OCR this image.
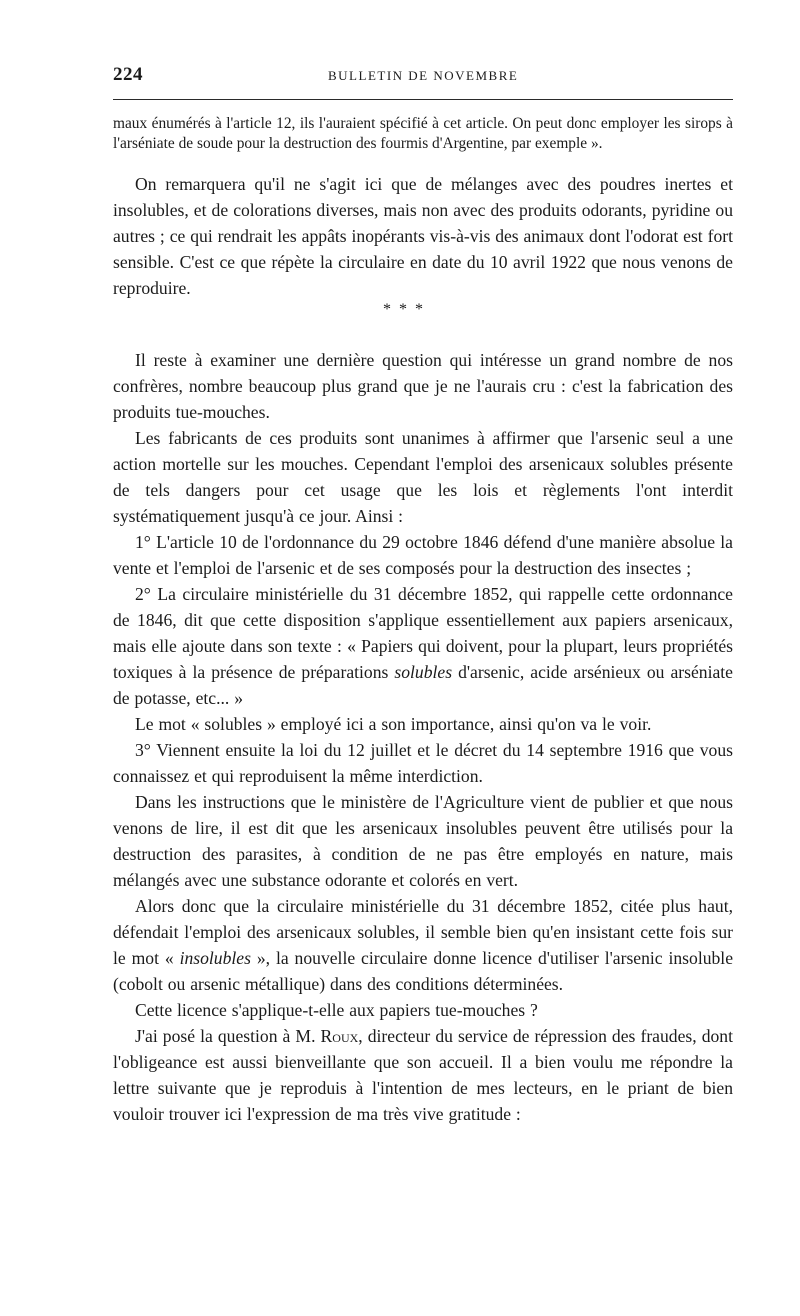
224	BULLETIN DE NOVEMBRE

maux énumérés à l'article 12, ils l'auraient spécifié à cet article. On peut donc employer les sirops à l'arséniate de soude pour la destruction des fourmis d'Argentine, par exemple ».

On remarquera qu'il ne s'agit ici que de mélanges avec des poudres inertes et insolubles, et de colorations diverses, mais non avec des produits odorants, pyridine ou autres ; ce qui rendrait les appâts inopérants vis-à-vis des animaux dont l'odorat est fort sensible. C'est ce que répète la circulaire en date du 10 avril 1922 que nous venons de reproduire.

* * *

Il reste à examiner une dernière question qui intéresse un grand nombre de nos confrères, nombre beaucoup plus grand que je ne l'aurais cru : c'est la fabrication des produits tue-mouches.

Les fabricants de ces produits sont unanimes à affirmer que l'arsenic seul a une action mortelle sur les mouches. Cependant l'emploi des arsenicaux solubles présente de tels dangers pour cet usage que les lois et règlements l'ont interdit systématiquement jusqu'à ce jour. Ainsi :

1° L'article 10 de l'ordonnance du 29 octobre 1846 défend d'une manière absolue la vente et l'emploi de l'arsenic et de ses composés pour la destruction des insectes ;

2° La circulaire ministérielle du 31 décembre 1852, qui rappelle cette ordonnance de 1846, dit que cette disposition s'applique essentiellement aux papiers arsenicaux, mais elle ajoute dans son texte : « Papiers qui doivent, pour la plupart, leurs propriétés toxiques à la présence de préparations solubles d'arsenic, acide arsénieux ou arséniate de potasse, etc... »

Le mot « solubles » employé ici a son importance, ainsi qu'on va le voir.

3° Viennent ensuite la loi du 12 juillet et le décret du 14 septembre 1916 que vous connaissez et qui reproduisent la même interdiction.

Dans les instructions que le ministère de l'Agriculture vient de publier et que nous venons de lire, il est dit que les arsenicaux insolubles peuvent être utilisés pour la destruction des parasites, à condition de ne pas être employés en nature, mais mélangés avec une substance odorante et colorés en vert.

Alors donc que la circulaire ministérielle du 31 décembre 1852, citée plus haut, défendait l'emploi des arsenicaux solubles, il semble bien qu'en insistant cette fois sur le mot « insolubles », la nouvelle circulaire donne licence d'utiliser l'arsenic insoluble (cobolt ou arsenic métallique) dans des conditions déterminées.

Cette licence s'applique-t-elle aux papiers tue-mouches ?

J'ai posé la question à M. Roux, directeur du service de répression des fraudes, dont l'obligeance est aussi bienveillante que son accueil. Il a bien voulu me répondre la lettre suivante que je reproduis à l'intention de mes lecteurs, en le priant de bien vouloir trouver ici l'expression de ma très vive gratitude :
